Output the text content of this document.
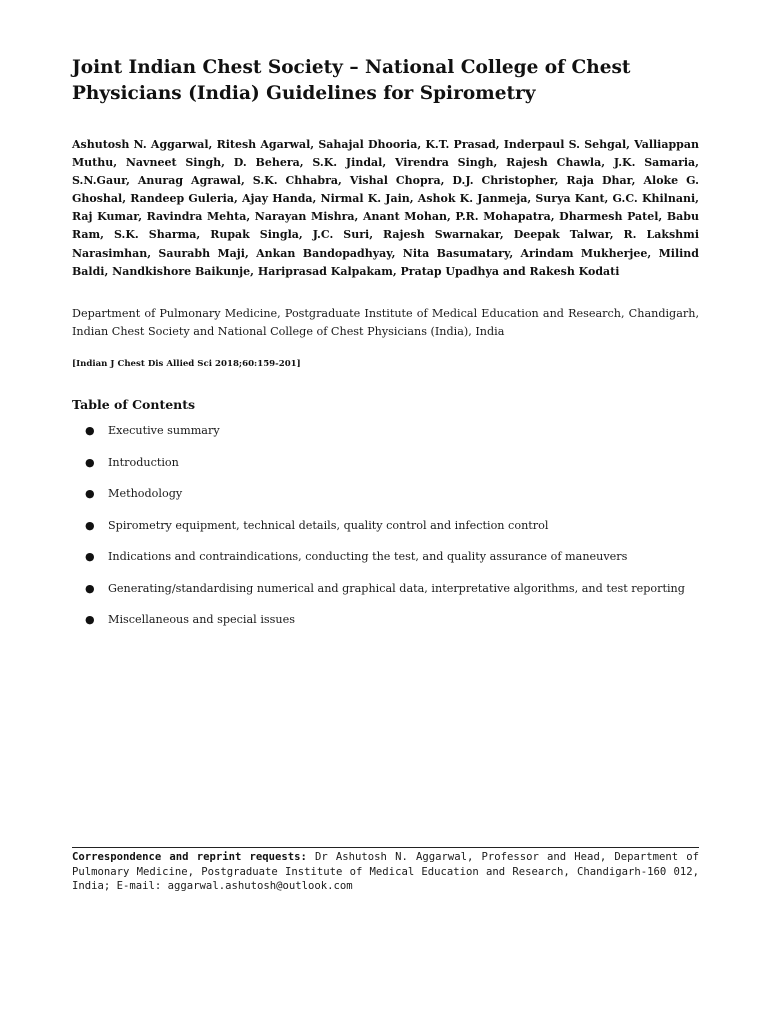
Joint Indian Chest Society – National College of Chest Physicians (India) Guidelines for Spirometry

Ashutosh N. Aggarwal, Ritesh Agarwal, Sahajal Dhooria, K.T. Prasad, Inderpaul S. Sehgal, Valliappan Muthu, Navneet Singh, D. Behera, S.K. Jindal, Virendra Singh, Rajesh Chawla, J.K. Samaria, S.N.Gaur, Anurag Agrawal, S.K. Chhabra, Vishal Chopra, D.J. Christopher, Raja Dhar, Aloke G. Ghoshal, Randeep Guleria, Ajay Handa, Nirmal K. Jain, Ashok K. Janmeja, Surya Kant, G.C. Khilnani, Raj Kumar, Ravindra Mehta, Narayan Mishra, Anant Mohan, P.R. Mohapatra, Dharmesh Patel, Babu Ram, S.K. Sharma, Rupak Singla, J.C. Suri, Rajesh Swarnakar, Deepak Talwar, R. Lakshmi Narasimhan, Saurabh Maji, Ankan Bandopadhyay, Nita Basumatary, Arindam Mukherjee, Milind Baldi, Nandkishore Baikunje, Hariprasad Kalpakam, Pratap Upadhya and Rakesh Kodati

Department of Pulmonary Medicine, Postgraduate Institute of Medical Education and Research, Chandigarh, Indian Chest Society and National College of Chest Physicians (India), India

[Indian J Chest Dis Allied Sci 2018;60:159-201]

Table of Contents
● Executive summary
● Introduction
● Methodology
● Spirometry equipment, technical details, quality control and infection control
● Indications and contraindications, conducting the test, and quality assurance of maneuvers
● Generating/standardising numerical and graphical data, interpretative algorithms, and test reporting
● Miscellaneous and special issues

Correspondence and reprint requests: Dr Ashutosh N. Aggarwal, Professor and Head, Department of Pulmonary Medicine, Postgraduate Institute of Medical Education and Research, Chandigarh-160 012, India; E-mail: aggarwal.ashutosh@outlook.com
